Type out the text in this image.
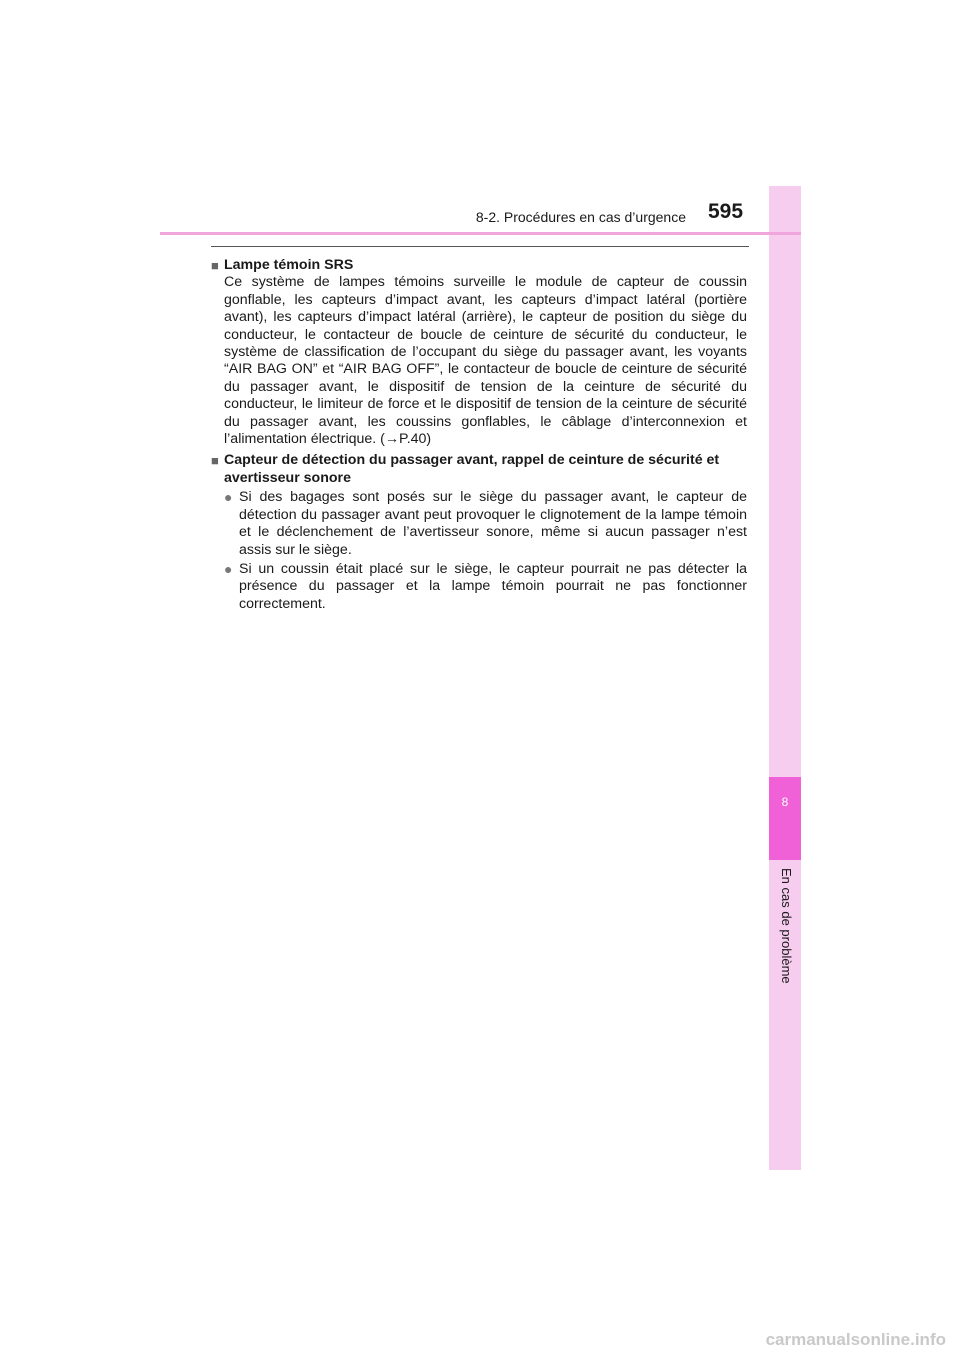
8
En cas de problème
8-2. Procédures en cas d’urgence 595
■ Lampe témoin SRS
Ce système de lampes témoins surveille le module de capteur de coussin gonflable, les capteurs d’impact avant, les capteurs d’impact latéral (portière avant), les capteurs d’impact latéral (arrière), le capteur de position du siège du conducteur, le contacteur de boucle de ceinture de sécurité du conducteur, le système de classification de l’occupant du siège du passager avant, les voyants “AIR BAG ON” et “AIR BAG OFF”, le contacteur de boucle de ceinture de sécurité du passager avant, le dispositif de tension de la ceinture de sécurité du conducteur, le limiteur de force et le dispositif de tension de la ceinture de sécurité du passager avant, les coussins gonflables, le câblage d’interconnexion et l’alimentation électrique. (→P.40)
■ Capteur de détection du passager avant, rappel de ceinture de sécurité et avertisseur sonore
● Si des bagages sont posés sur le siège du passager avant, le capteur de détection du passager avant peut provoquer le clignotement de la lampe témoin et le déclenchement de l’avertisseur sonore, même si aucun passager n’est assis sur le siège.
● Si un coussin était placé sur le siège, le capteur pourrait ne pas détecter la présence du passager et la lampe témoin pourrait ne pas fonctionner correctement.
carmanualsonline.info
